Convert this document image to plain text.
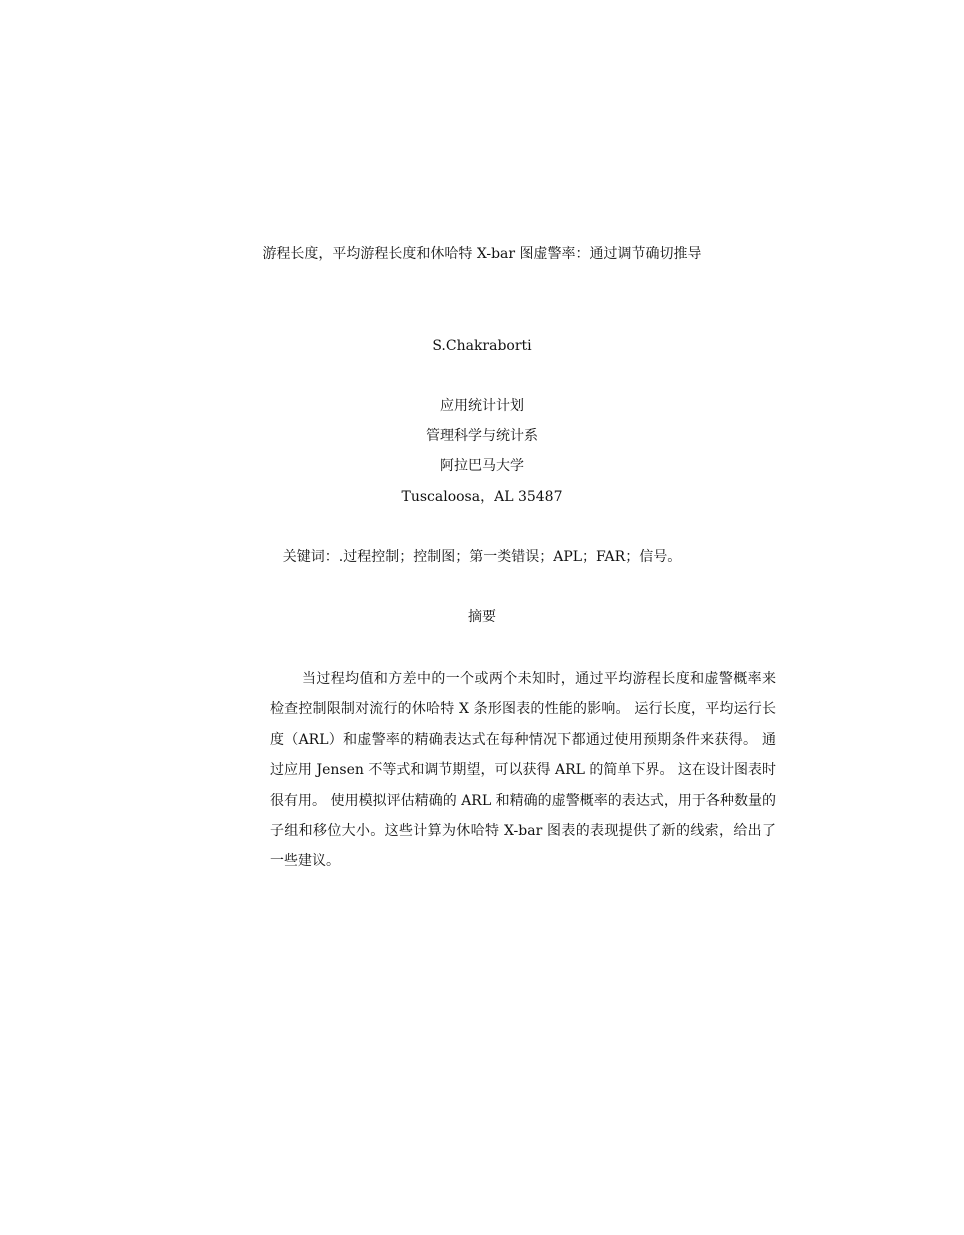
游程长度，平均游程长度和休哈特 X-bar 图虚警率：通过调节确切推导
S.Chakraborti
应用统计计划
管理科学与统计系
阿拉巴马大学
Tuscaloosa，AL 35487
关键词：.过程控制；控制图；第一类错误；APL；FAR；信号。
摘要

当过程均值和方差中的一个或两个未知时，通过平均游程长度和虚警概率来检查控制限制对流行的休哈特 X 条形图表的性能的影响。 运行长度，平均运行长度（ARL）和虚警率的精确表达式在每种情况下都通过使用预期条件来获得。 通过应用 Jensen 不等式和调节期望，可以获得 ARL 的简单下界。 这在设计图表时很有用。 使用模拟评估精确的 ARL 和精确的虚警概率的表达式，用于各种数量的子组和移位大小。这些计算为休哈特 X-bar 图表的表现提供了新的线索，给出了一些建议。
